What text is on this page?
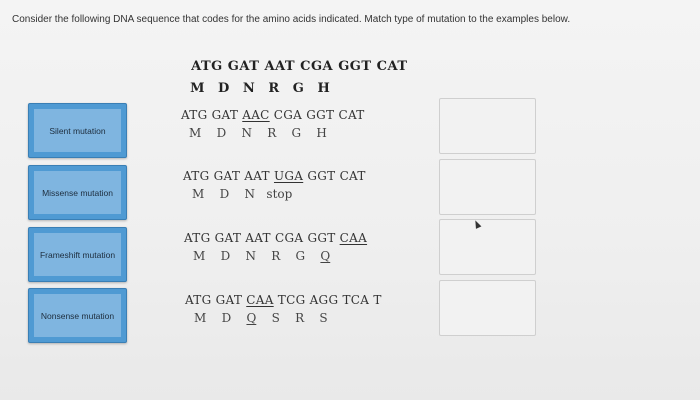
Consider the following DNA sequence that codes for the amino acids indicated. Match type of mutation to the examples below.

ATG GAT AAT CGA GGT CAT

M D N R G H

Silent mutation
Missense mutation
Frameshift mutation
Nonsense mutation
ATG GAT AAC CGA GGT CAT
M D N R G H
ATG GAT AAT UGA GGT CAT
M D N stop
ATG GAT AAT CGA GGT CAA
M D N R G Q
ATG GAT CAA TCG AGG TCA T
M D Q S R S
